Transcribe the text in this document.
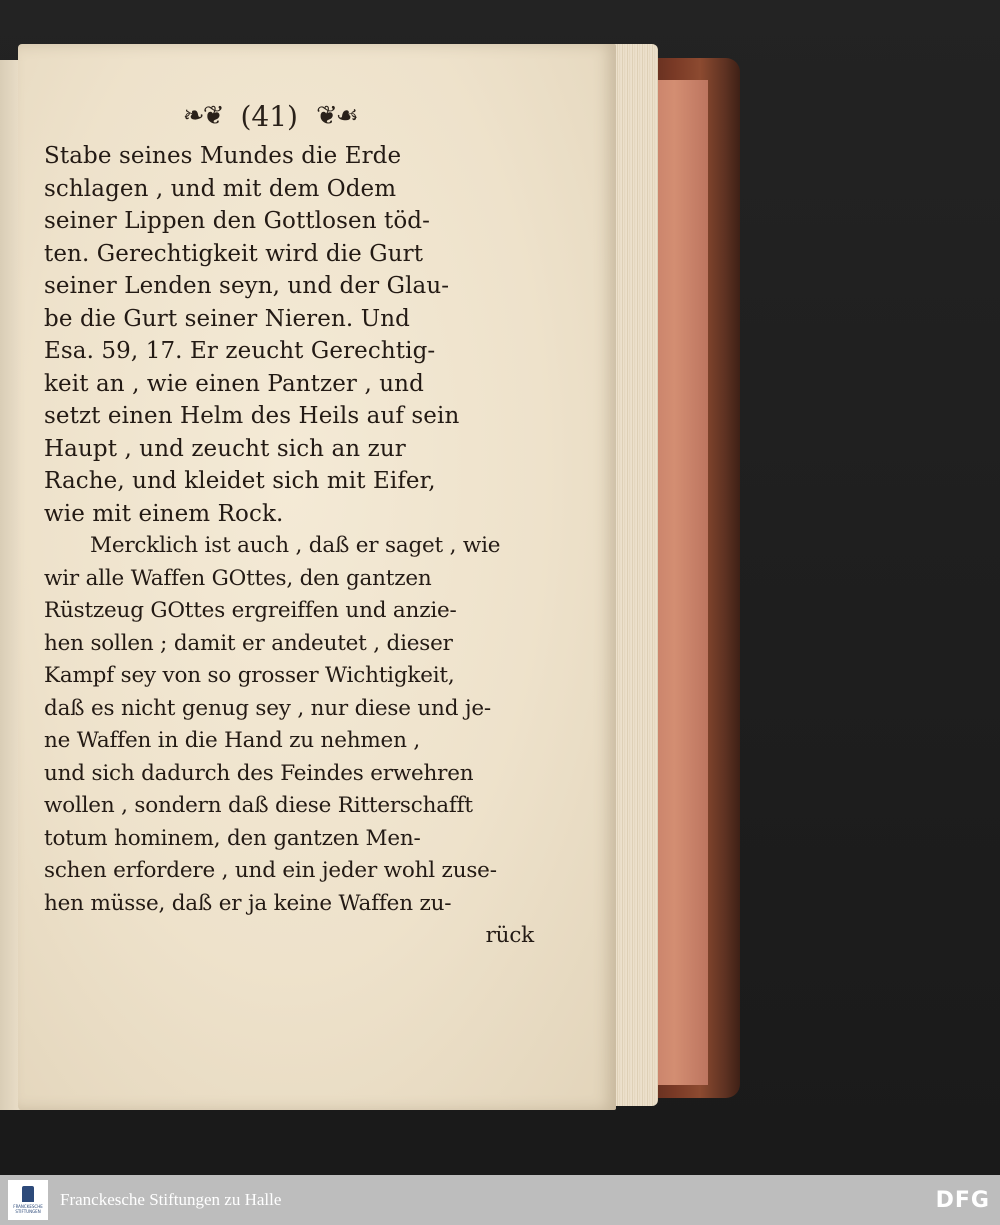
❧❦ (41) ❦☙
Stabe seines Mundes die Erde
schlagen , und mit dem Odem
seiner Lippen den Gottlosen töd-
ten. Gerechtigkeit wird die Gurt
seiner Lenden seyn, und der Glau-
be die Gurt seiner Nieren. Und
Esa. 59, 17. Er zeucht Gerechtig-
keit an , wie einen Pantzer , und
setzt einen Helm des Heils auf sein
Haupt , und zeucht sich an zur
Rache, und kleidet sich mit Eifer,
wie mit einem Rock.
Mercklich ist auch , daß er saget , wie
wir alle Waffen GOttes, den gantzen
Rüstzeug GOttes ergreiffen und anzie-
hen sollen ; damit er andeutet , dieser
Kampf sey von so grosser Wichtigkeit,
daß es nicht genug sey , nur diese und je-
ne Waffen in die Hand zu nehmen ,
und sich dadurch des Feindes erwehren
wollen , sondern daß diese Ritterschafft
totum hominem, den gantzen Men-
schen erfordere , und ein jeder wohl zuse-
hen müsse, daß er ja keine Waffen zu-
rück
FRANCKESCHE
STIFTUNGEN
Franckesche Stiftungen zu Halle	DFG
